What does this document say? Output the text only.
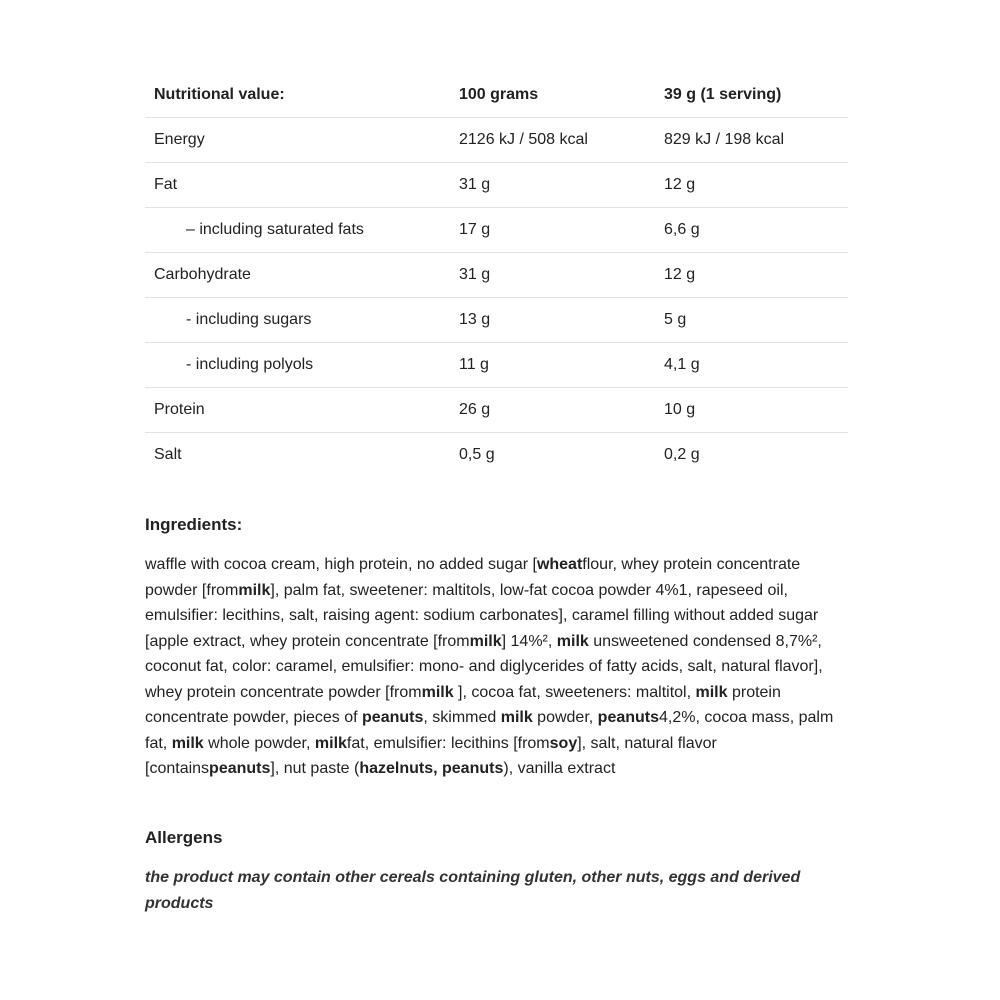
Nutritional value:	100 grams	39 g (1 serving)
Energy	2126 kJ / 508 kcal	829 kJ / 198 kcal
Fat	31 g	12 g
– including saturated fats	17 g	6,6 g
Carbohydrate	31 g	12 g
- including sugars	13 g	5 g
- including polyols	11 g	4,1 g
Protein	26 g	10 g
Salt	0,5 g	0,2 g
Ingredients:

waffle with cocoa cream, high protein, no added sugar [wheatflour, whey protein concentrate powder [frommilk], palm fat, sweetener: maltitols, low-fat cocoa powder 4%1, rapeseed oil, emulsifier: lecithins, salt, raising agent: sodium carbonates], caramel filling without added sugar [apple extract, whey protein concentrate [frommilk] 14%², milk unsweetened condensed 8,7%², coconut fat, color: caramel, emulsifier: mono- and diglycerides of fatty acids, salt, natural flavor], whey protein concentrate powder [frommilk ], cocoa fat, sweeteners: maltitol, milk protein concentrate powder, pieces of peanuts, skimmed milk powder, peanuts4,2%, cocoa mass, palm fat, milk whole powder, milkfat, emulsifier: lecithins [fromsoy], salt, natural flavor [containspeanuts], nut paste (hazelnuts, peanuts), vanilla extract

Allergens

the product may contain other cereals containing gluten, other nuts, eggs and derived products
